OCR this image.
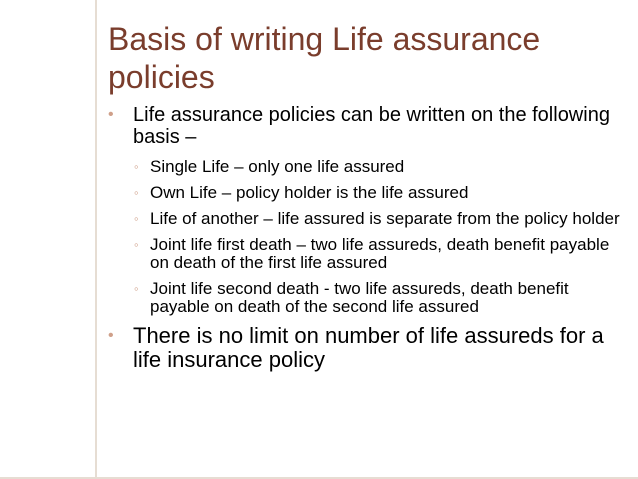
Basis of writing Life assurance policies
• Life assurance policies can be written on the following basis –
◦ Single Life – only one life assured
◦ Own Life – policy holder is the life assured
◦ Life of another – life assured is separate from the policy holder
◦ Joint life first death – two life assureds, death benefit payable on death of the first life assured
◦ Joint life second death - two life assureds, death benefit payable on death of the second life assured
• There is no limit on number of life assureds for a life insurance policy
